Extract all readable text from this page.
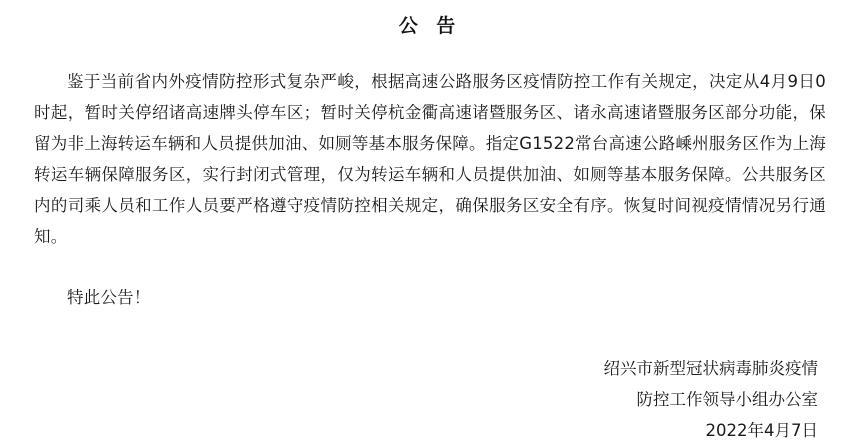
公 告

鉴于当前省内外疫情防控形式复杂严峻，根据高速公路服务区疫情防控工作有关规定，决定从4月9日0时起，暂时关停绍诸高速牌头停车区；暂时关停杭金衢高速诸暨服务区、诸永高速诸暨服务区部分功能，保留为非上海转运车辆和人员提供加油、如厕等基本服务保障。指定G1522常台高速公路嵊州服务区作为上海转运车辆保障服务区，实行封闭式管理，仅为转运车辆和人员提供加油、如厕等基本服务保障。公共服务区内的司乘人员和工作人员要严格遵守疫情防控相关规定，确保服务区安全有序。恢复时间视疫情情况另行通知。

特此公告！

绍兴市新型冠状病毒肺炎疫情
防控工作领导小组办公室
2022年4月7日
